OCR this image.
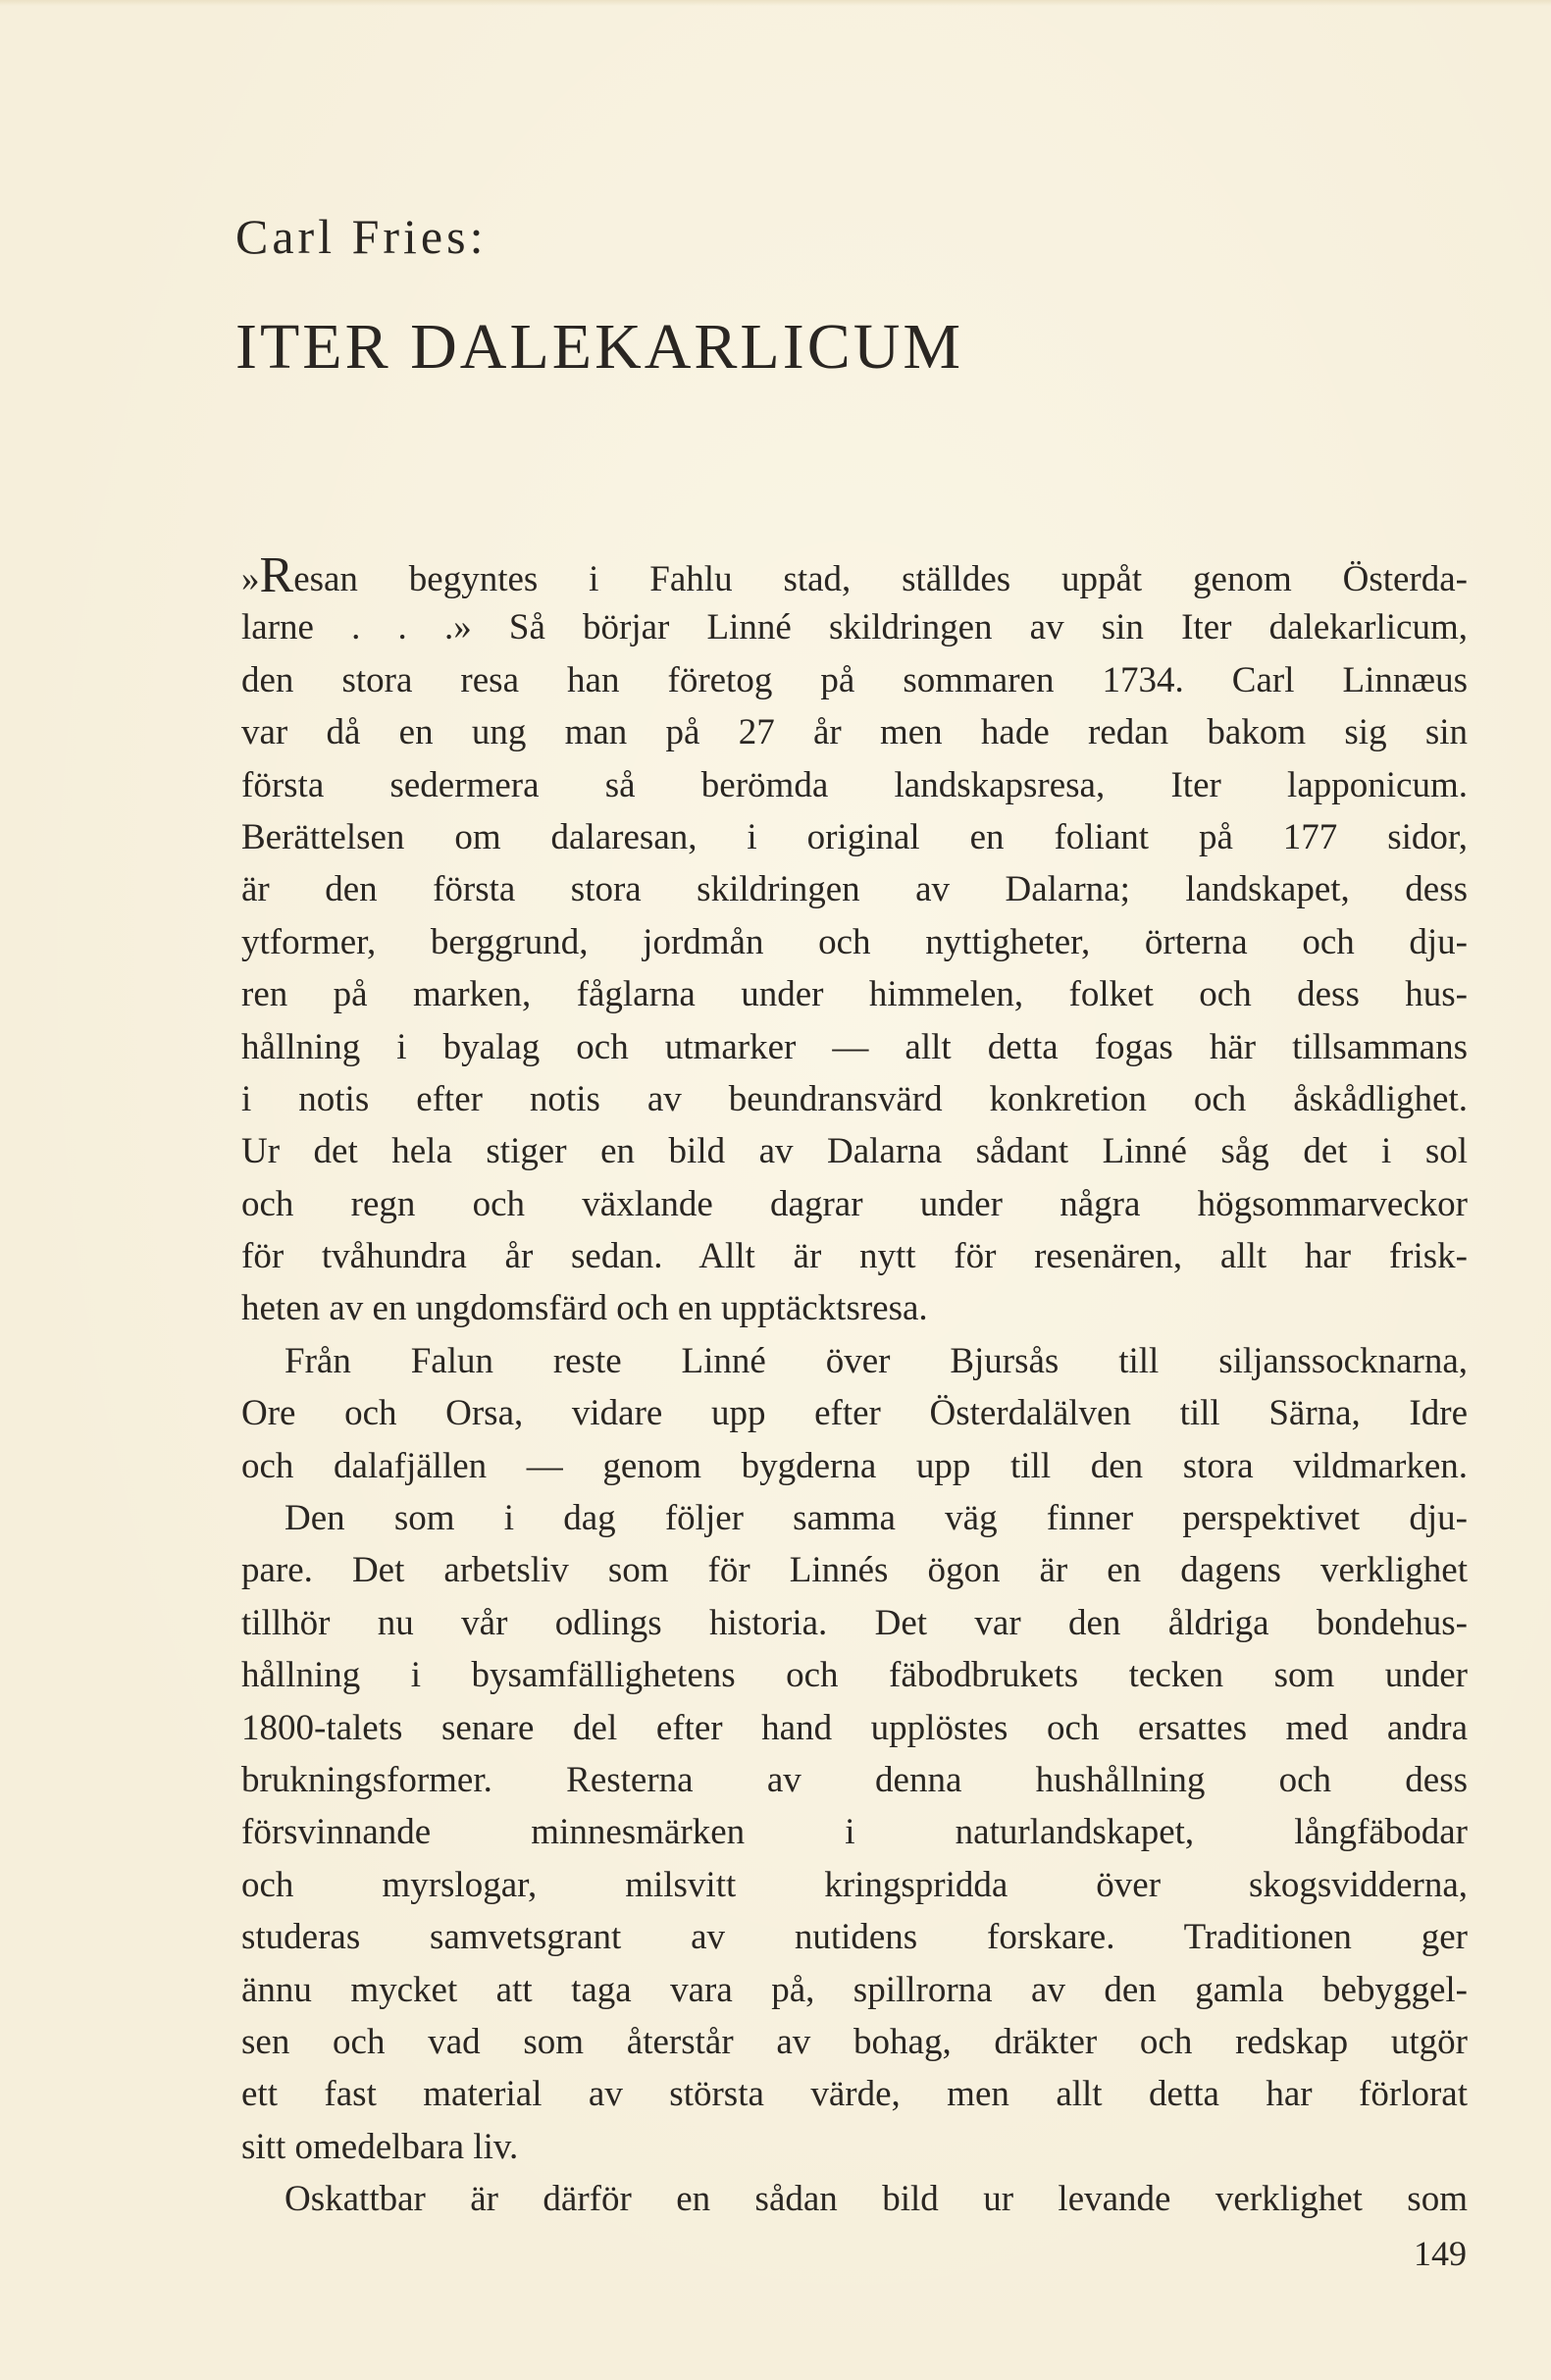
Carl Fries:
ITER DALEKARLICUM
»Resan begyntes i Fahlu stad, ställdes uppåt genom Österda-
larne . . .» Så börjar Linné skildringen av sin Iter dalekarlicum,
den stora resa han företog på sommaren 1734. Carl Linnæus
var då en ung man på 27 år men hade redan bakom sig sin
första sedermera så berömda landskapsresa, Iter lapponicum.
Berättelsen om dalaresan, i original en foliant på 177 sidor,
är den första stora skildringen av Dalarna; landskapet, dess
ytformer, berggrund, jordmån och nyttigheter, örterna och dju-
ren på marken, fåglarna under himmelen, folket och dess hus-
hållning i byalag och utmarker — allt detta fogas här tillsammans
i notis efter notis av beundransvärd konkretion och åskådlighet.
Ur det hela stiger en bild av Dalarna sådant Linné såg det i sol
och regn och växlande dagrar under några högsommarveckor
för tvåhundra år sedan. Allt är nytt för resenären, allt har frisk-
heten av en ungdomsfärd och en upptäcktsresa.
Från Falun reste Linné över Bjursås till siljanssocknarna,
Ore och Orsa, vidare upp efter Österdalälven till Särna, Idre
och dalafjällen — genom bygderna upp till den stora vildmarken.
Den som i dag följer samma väg finner perspektivet dju-
pare. Det arbetsliv som för Linnés ögon är en dagens verklighet
tillhör nu vår odlings historia. Det var den åldriga bondehus-
hållning i bysamfällighetens och fäbodbrukets tecken som under
1800-talets senare del efter hand upplöstes och ersattes med andra
brukningsformer. Resterna av denna hushållning och dess
försvinnande minnesmärken i naturlandskapet, långfäbodar
och myrslogar, milsvitt kringspridda över skogsvidderna,
studeras samvetsgrant av nutidens forskare. Traditionen ger
ännu mycket att taga vara på, spillrorna av den gamla bebyggel-
sen och vad som återstår av bohag, dräkter och redskap utgör
ett fast material av största värde, men allt detta har förlorat
sitt omedelbara liv.
Oskattbar är därför en sådan bild ur levande verklighet som

149
